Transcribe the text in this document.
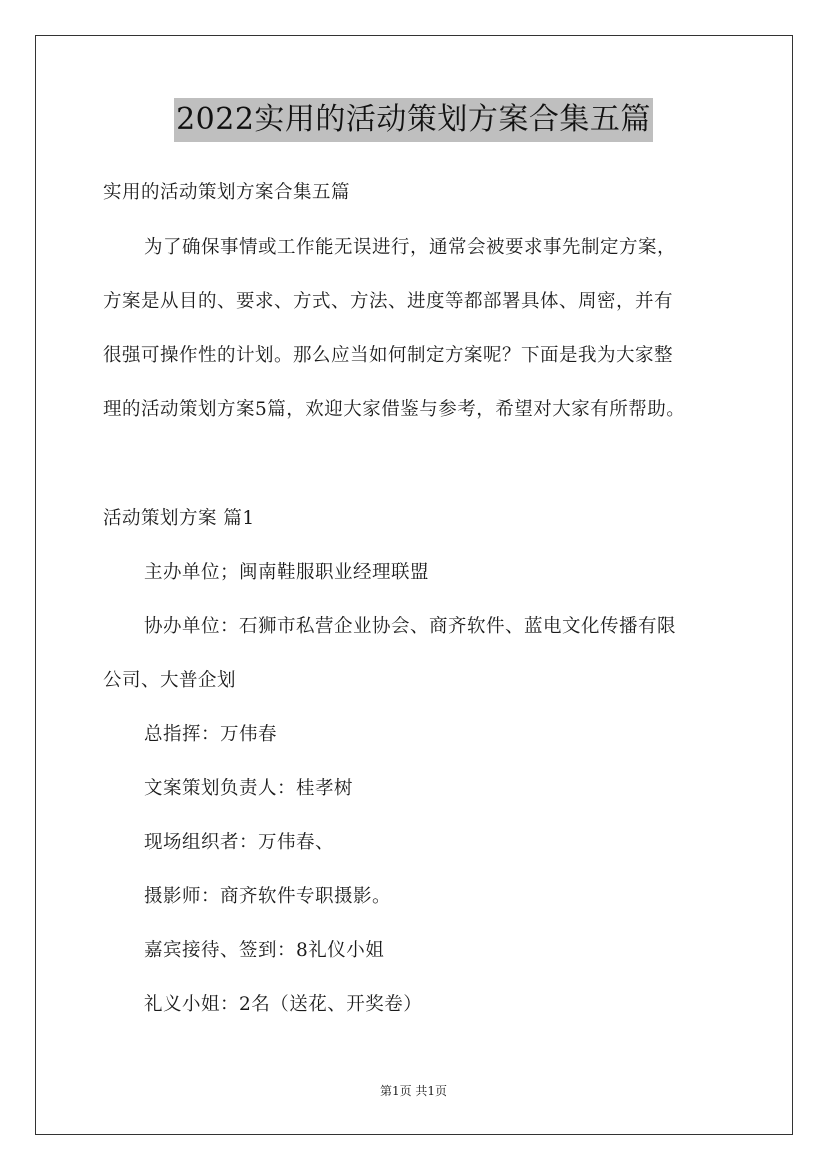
2022实用的活动策划方案合集五篇
实用的活动策划方案合集五篇
为了确保事情或工作能无误进行，通常会被要求事先制定方案，
方案是从目的、要求、方式、方法、进度等都部署具体、周密，并有
很强可操作性的计划。那么应当如何制定方案呢？下面是我为大家整
理的活动策划方案5篇，欢迎大家借鉴与参考，希望对大家有所帮助。
活动策划方案 篇1
主办单位；闽南鞋服职业经理联盟
协办单位：石狮市私营企业协会、商齐软件、蓝电文化传播有限
公司、大普企划
总指挥：万伟春
文案策划负责人：桂孝树
现场组织者：万伟春、
摄影师：商齐软件专职摄影。
嘉宾接待、签到：8礼仪小姐
礼义小姐：2名（送花、开奖卷）
第1页 共1页
